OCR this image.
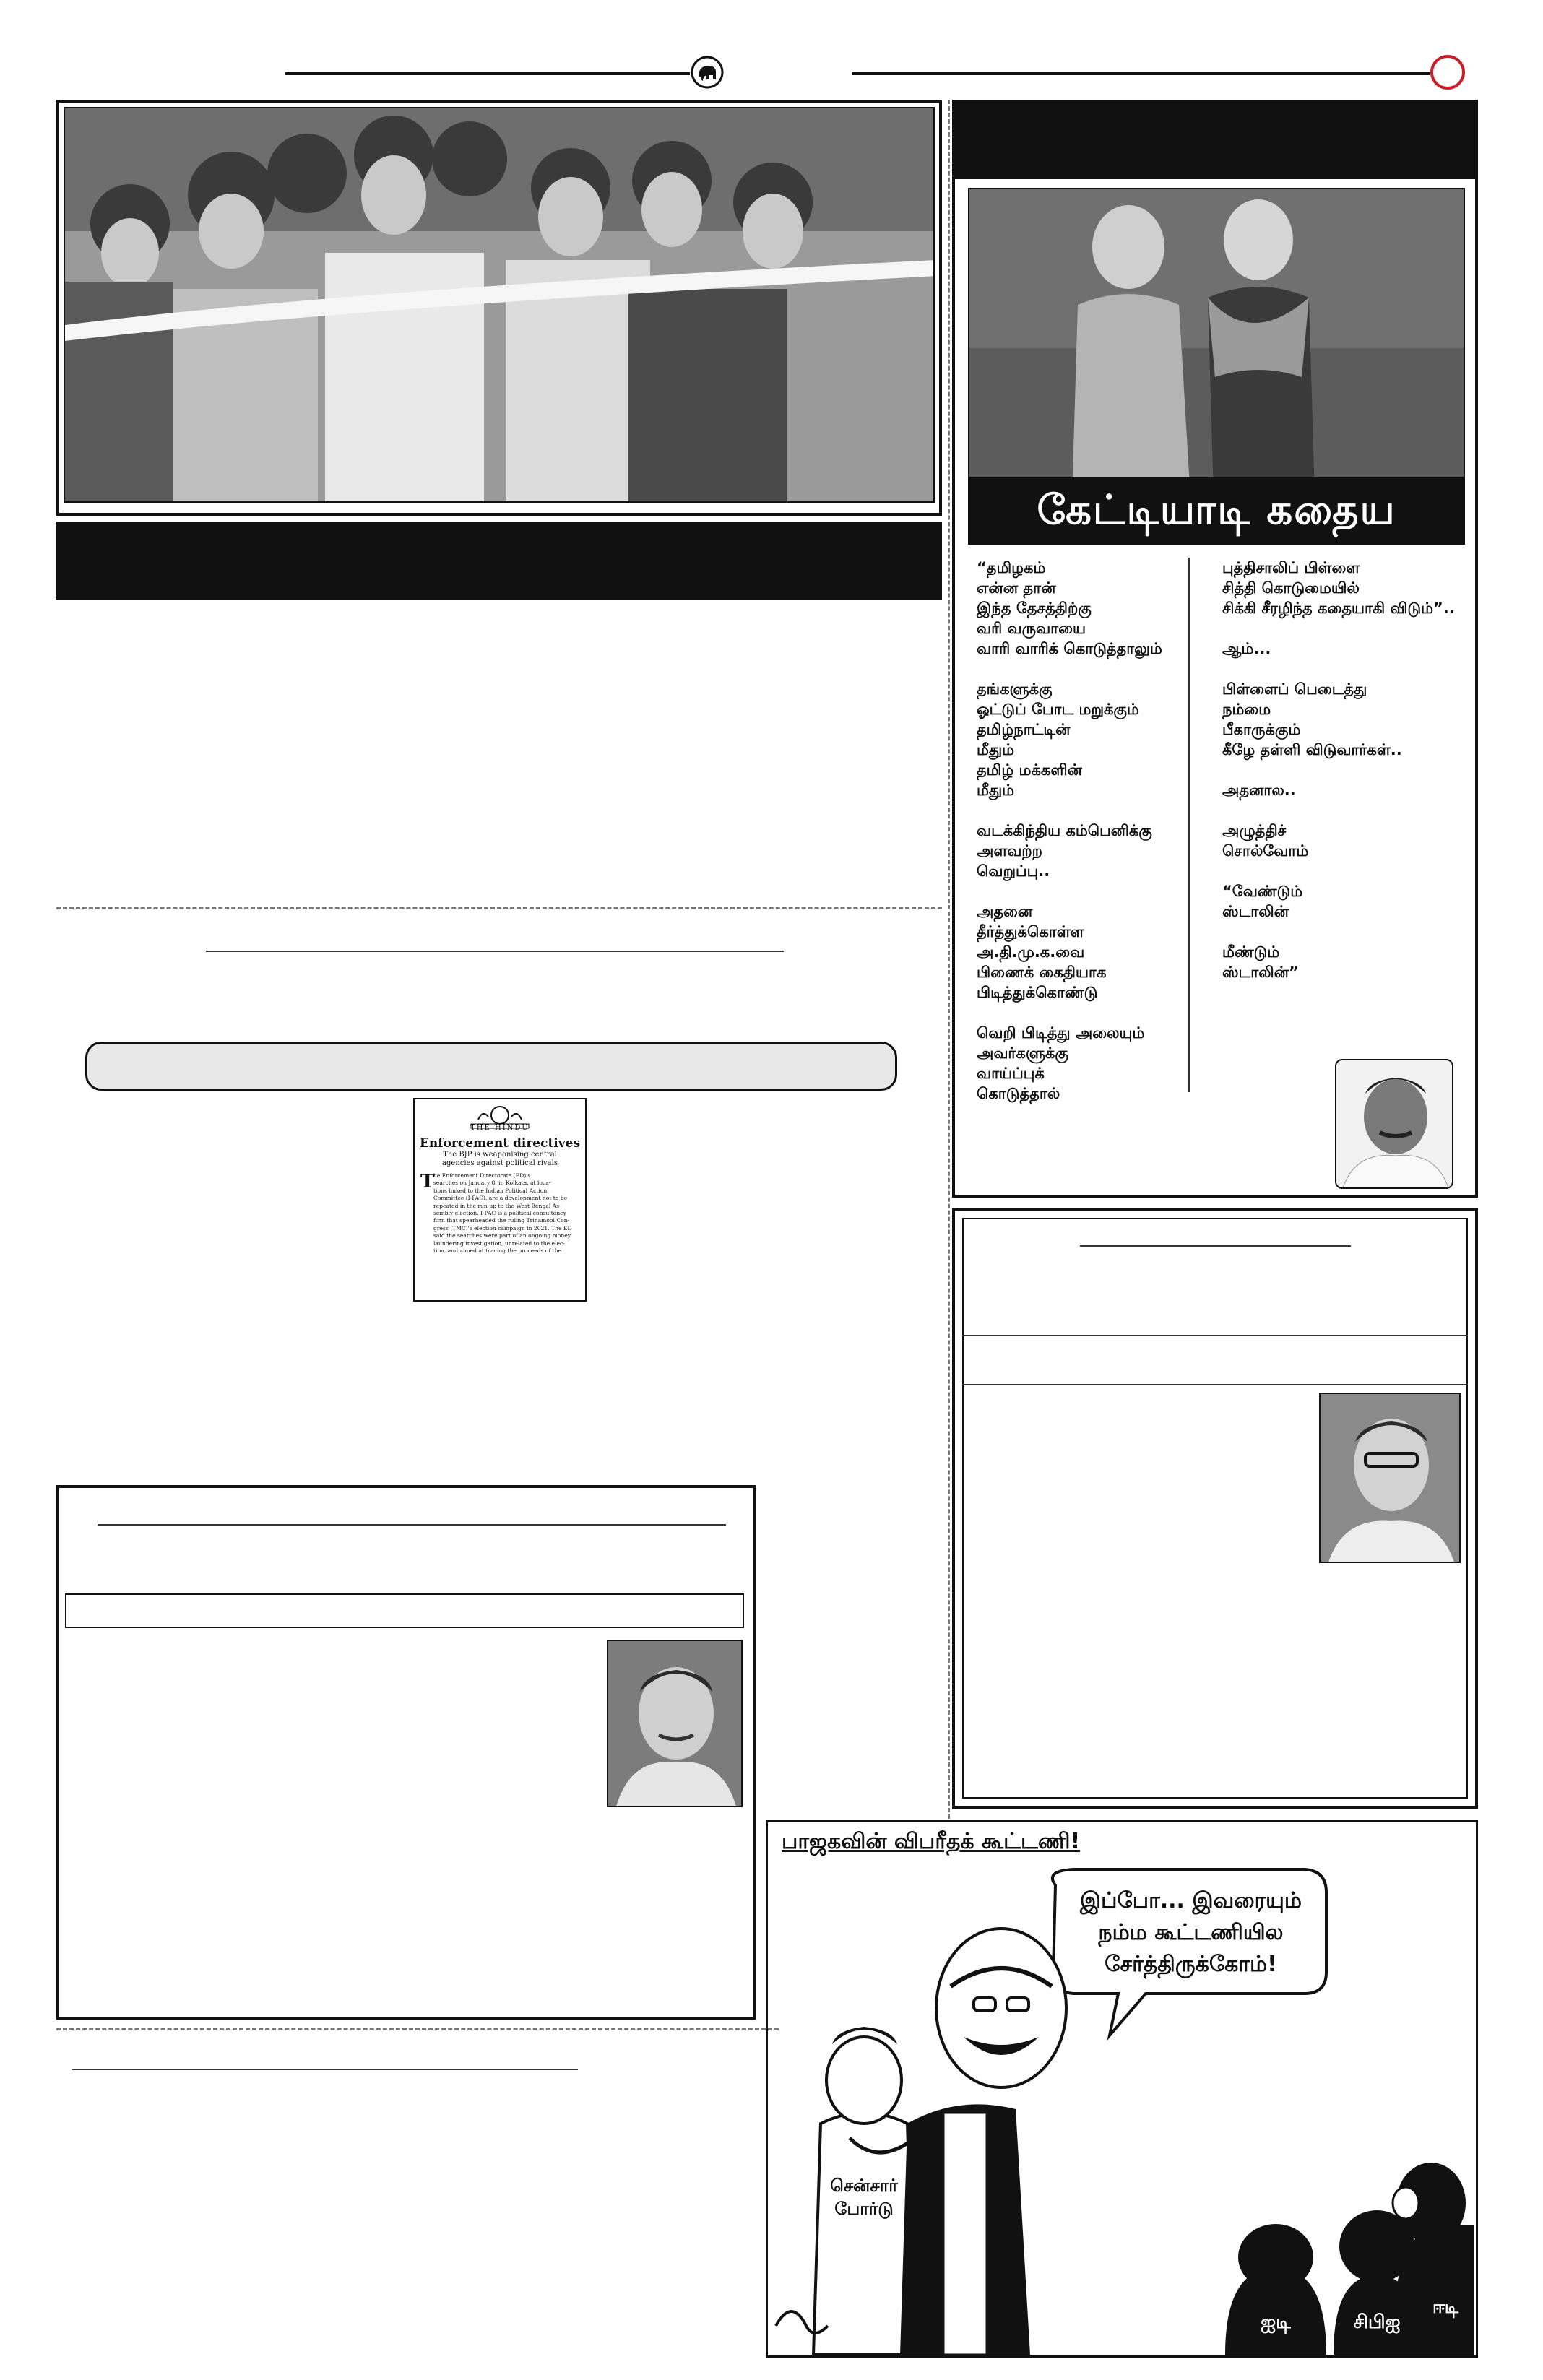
THE HINDU
Enforcement directives
The BJP is weaponising central agencies against political rivals
T
he Enforcement Directorate (ED)'s
searches on January 8, in Kolkata, at loca-
tions linked to the Indian Political Action
Committee (I-PAC), are a development not to be
repeated in the run-up to the West Bengal As-
sembly election. I-PAC is a political consultancy
firm that spearheaded the ruling Trinamool Con-
gress (TMC)'s election campaign in 2021. The ED
said the searches were part of an ongoing money
laundering investigation, unrelated to the elec-
tion, and aimed at tracing the proceeds of the
கேட்டியாடி கதைய
“தமிழகம்
என்ன தான்
இந்த தேசத்திற்கு
வரி வருவாயை
வாரி வாரிக் கொடுத்தாலும்
தங்களுக்கு
ஓட்டுப் போட மறுக்கும்
தமிழ்நாட்டின்
மீதும்
தமிழ் மக்களின்
மீதும்
வடக்கிந்திய கம்பெனிக்கு
அளவற்ற
வெறுப்பு..
அதனை
தீர்த்துக்கொள்ள
அ.தி.மு.க.வை
பிணைக் கைதியாக
பிடித்துக்கொண்டு
வெறி பிடித்து அலையும்
அவர்களுக்கு
வாய்ப்புக்
கொடுத்தால்
புத்திசாலிப் பிள்ளை
சித்தி கொடுமையில்
சிக்கி சீரழிந்த கதையாகி விடும்”..
ஆம்...
பிள்ளைப் பெடைத்து
நம்மை
பீகாருக்கும்
கீழே தள்ளி விடுவார்கள்..
அதனால..
அழுத்திச்
சொல்வோம்
“வேண்டும்
ஸ்டாலின்
மீண்டும்
ஸ்டாலின்”
பாஜகவின் விபரீதக் கூட்டணி!
இப்போ... இவரையும்
நம்ம கூட்டணியில
சேர்த்திருக்கோம்!
சென்சார்
போர்டு
ஐடி	சிபிஐ
ஈடி
